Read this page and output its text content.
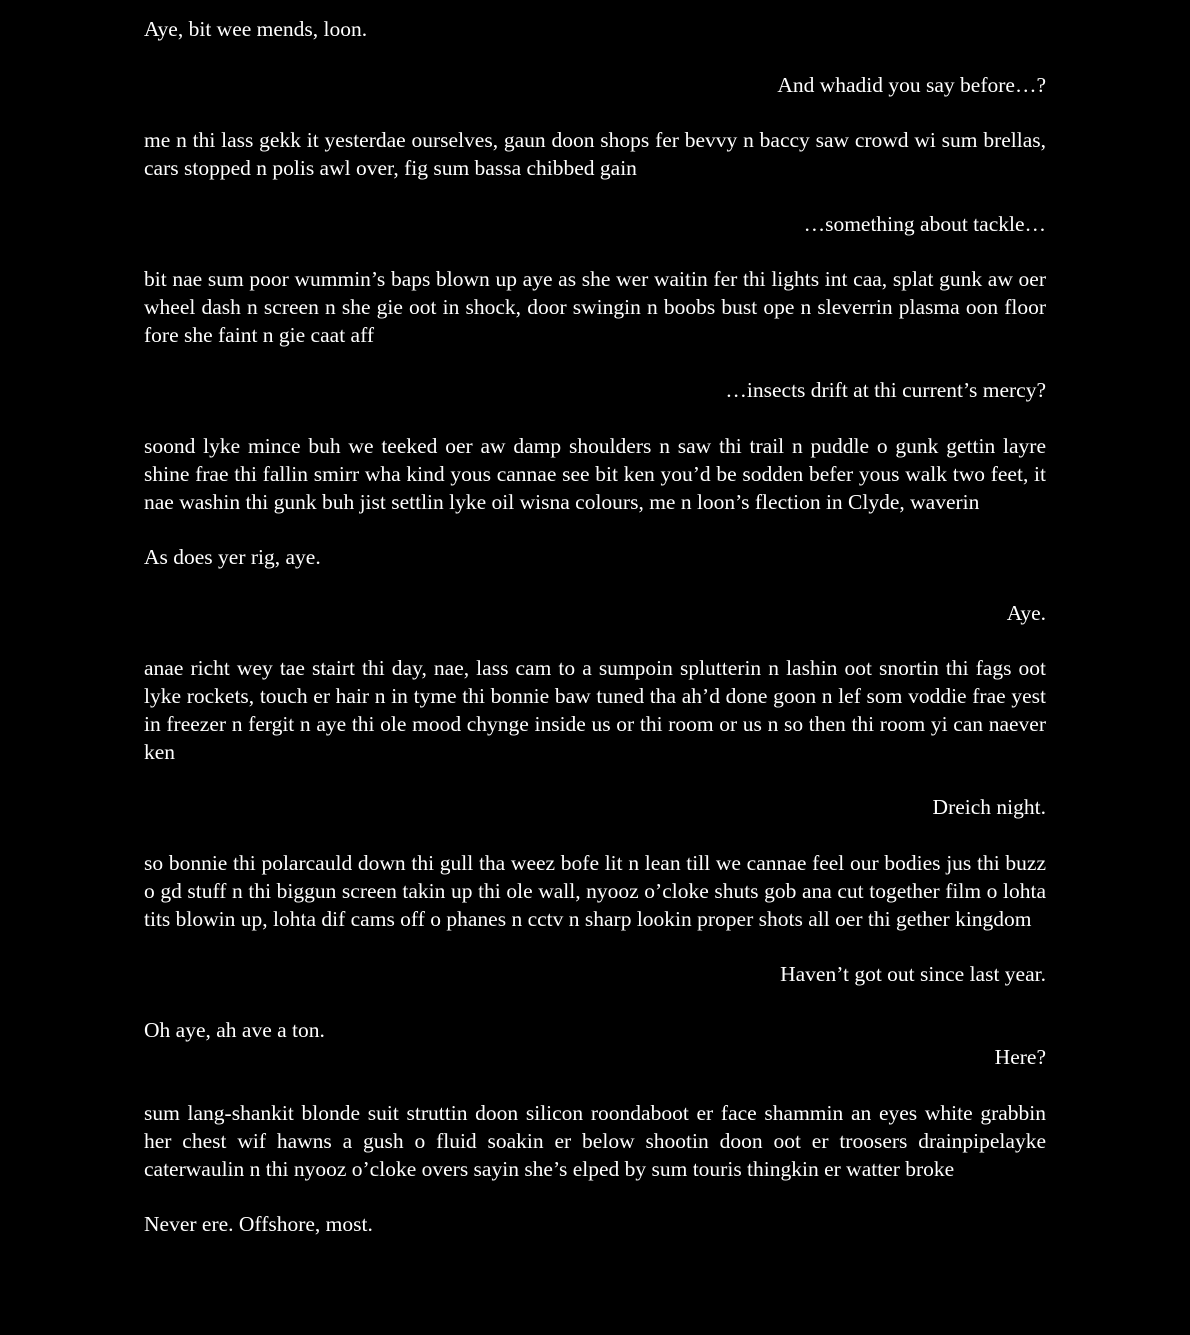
Aye, bit wee mends, loon.

And whadid you say before…?

me n thi lass gekk it yesterdae ourselves, gaun doon shops fer bevvy n baccy saw crowd wi sum brellas, cars stopped n polis awl over, fig sum bassa chibbed gain

…something about tackle…

bit nae sum poor wummin’s baps blown up aye as she wer waitin fer thi lights int caa, splat gunk aw oer wheel dash n screen n she gie oot in shock, door swingin n boobs bust ope n sleverrin plasma oon floor fore she faint n gie caat aff

…insects drift at thi current’s mercy?

soond lyke mince buh we teeked oer aw damp shoulders n saw thi trail n puddle o gunk gettin layre shine frae thi fallin smirr wha kind yous cannae see bit ken you’d be sodden befer yous walk two feet, it nae washin thi gunk buh jist settlin lyke oil wisna colours, me n loon’s flection in Clyde, waverin

As does yer rig, aye.

Aye.

anae richt wey tae stairt thi day, nae, lass cam to a sumpoin splutterin n lashin oot snortin thi fags oot lyke rockets, touch er hair n in tyme thi bonnie baw tuned tha ah’d done goon n lef som voddie frae yest in freezer n fergit n aye thi ole mood chynge inside us or thi room or us n so then thi room yi can naever ken

Dreich night.

so bonnie thi polarcauld down thi gull tha weez bofe lit n lean till we cannae feel our bodies jus thi buzz o gd stuff n thi biggun screen takin up thi ole wall, nyooz o’cloke shuts gob ana cut together film o lohta tits blowin up, lohta dif cams off o phanes n cctv n sharp lookin proper shots all oer thi gether kingdom

Haven’t got out since last year.

Oh aye, ah ave a ton.

Here?

sum lang-shankit blonde suit struttin doon silicon roondaboot er face shammin an eyes white grabbin her chest wif hawns a gush o fluid soakin er below shootin doon oot er troosers drainpipelayke caterwaulin n thi nyooz o’cloke overs sayin she’s elped by sum touris thingkin er watter broke

Never ere. Offshore, most.
